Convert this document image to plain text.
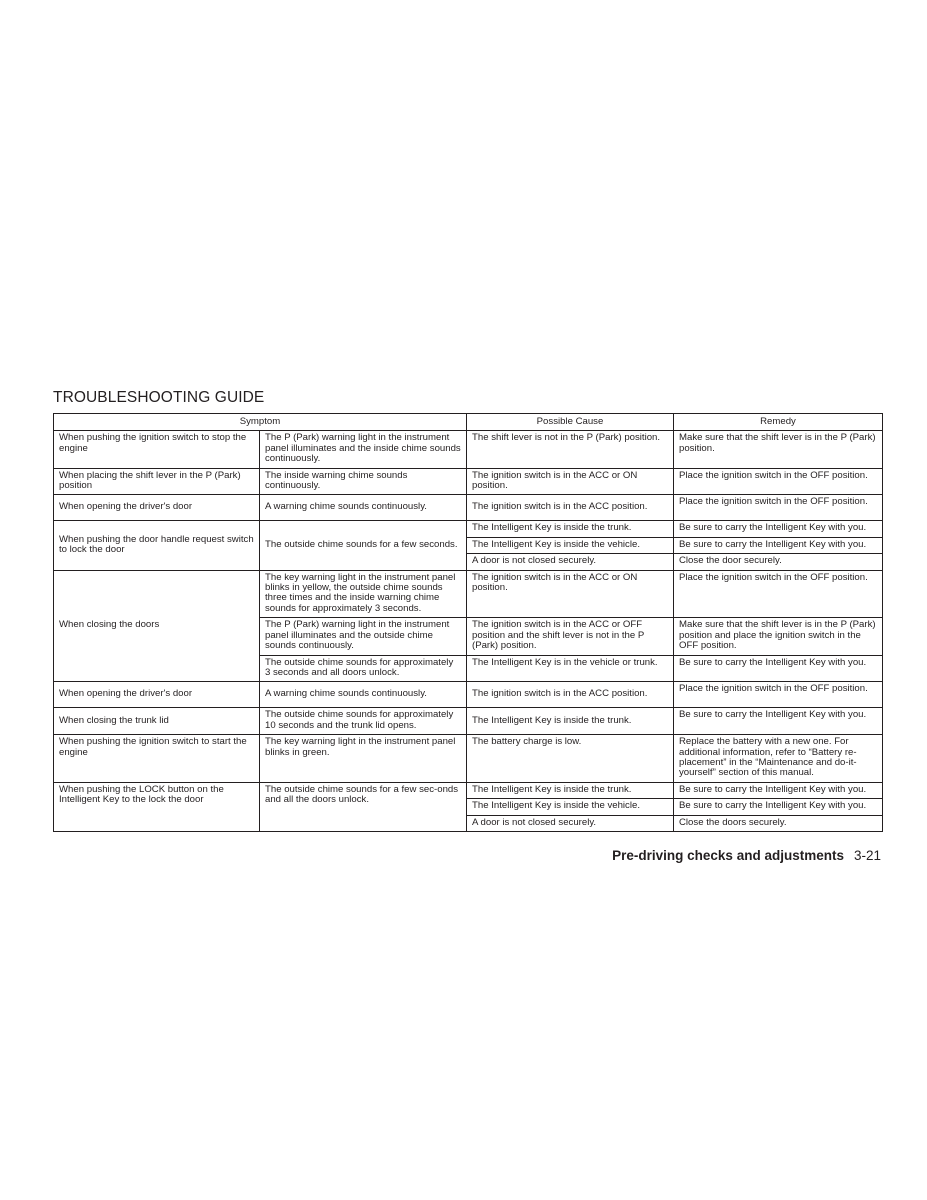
TROUBLESHOOTING GUIDE
Symptom		Possible Cause	Remedy
When pushing the ignition switch to stop the engine	The P (Park) warning light in the instrument panel illuminates and the inside chime sounds continuously.	The shift lever is not in the P (Park) position.	Make sure that the shift lever is in the P (Park) position.
When placing the shift lever in the P (Park) position	The inside warning chime sounds continuously.	The ignition switch is in the ACC or ON position.	Place the ignition switch in the OFF position.
When opening the driver's door	A warning chime sounds continuously.	The ignition switch is in the ACC position.	Place the ignition switch in the OFF position.
When pushing the door handle request switch to lock the door	The outside chime sounds for a few seconds.	The Intelligent Key is inside the trunk.	Be sure to carry the Intelligent Key with you.
		The Intelligent Key is inside the vehicle.	Be sure to carry the Intelligent Key with you.
		A door is not closed securely.	Close the door securely.
When closing the doors	The key warning light in the instrument panel blinks in yellow, the outside chime sounds three times and the inside warning chime sounds for approximately 3 seconds.	The ignition switch is in the ACC or ON position.	Place the ignition switch in the OFF position.
	The P (Park) warning light in the instrument panel illuminates and the outside chime sounds continuously.	The ignition switch is in the ACC or OFF position and the shift lever is not in the P (Park) position.	Make sure that the shift lever is in the P (Park) position and place the ignition switch in the OFF position.
	The outside chime sounds for approximately 3 seconds and all doors unlock.	The Intelligent Key is in the vehicle or trunk.	Be sure to carry the Intelligent Key with you.
When opening the driver's door	A warning chime sounds continuously.	The ignition switch is in the ACC position.	Place the ignition switch in the OFF position.
When closing the trunk lid	The outside chime sounds for approximately 10 seconds and the trunk lid opens.	The Intelligent Key is inside the trunk.	Be sure to carry the Intelligent Key with you.
When pushing the ignition switch to start the engine	The key warning light in the instrument panel blinks in green.	The battery charge is low.	Replace the battery with a new one. For additional information, refer to “Battery re-placement” in the “Maintenance and do-it-yourself” section of this manual.
When pushing the LOCK button on the Intelligent Key to the lock the door	The outside chime sounds for a few sec-onds and all the doors unlock.	The Intelligent Key is inside the trunk.	Be sure to carry the Intelligent Key with you.
		The Intelligent Key is inside the vehicle.	Be sure to carry the Intelligent Key with you.
		A door is not closed securely.	Close the doors securely.
Pre-driving checks and adjustments 3-21
